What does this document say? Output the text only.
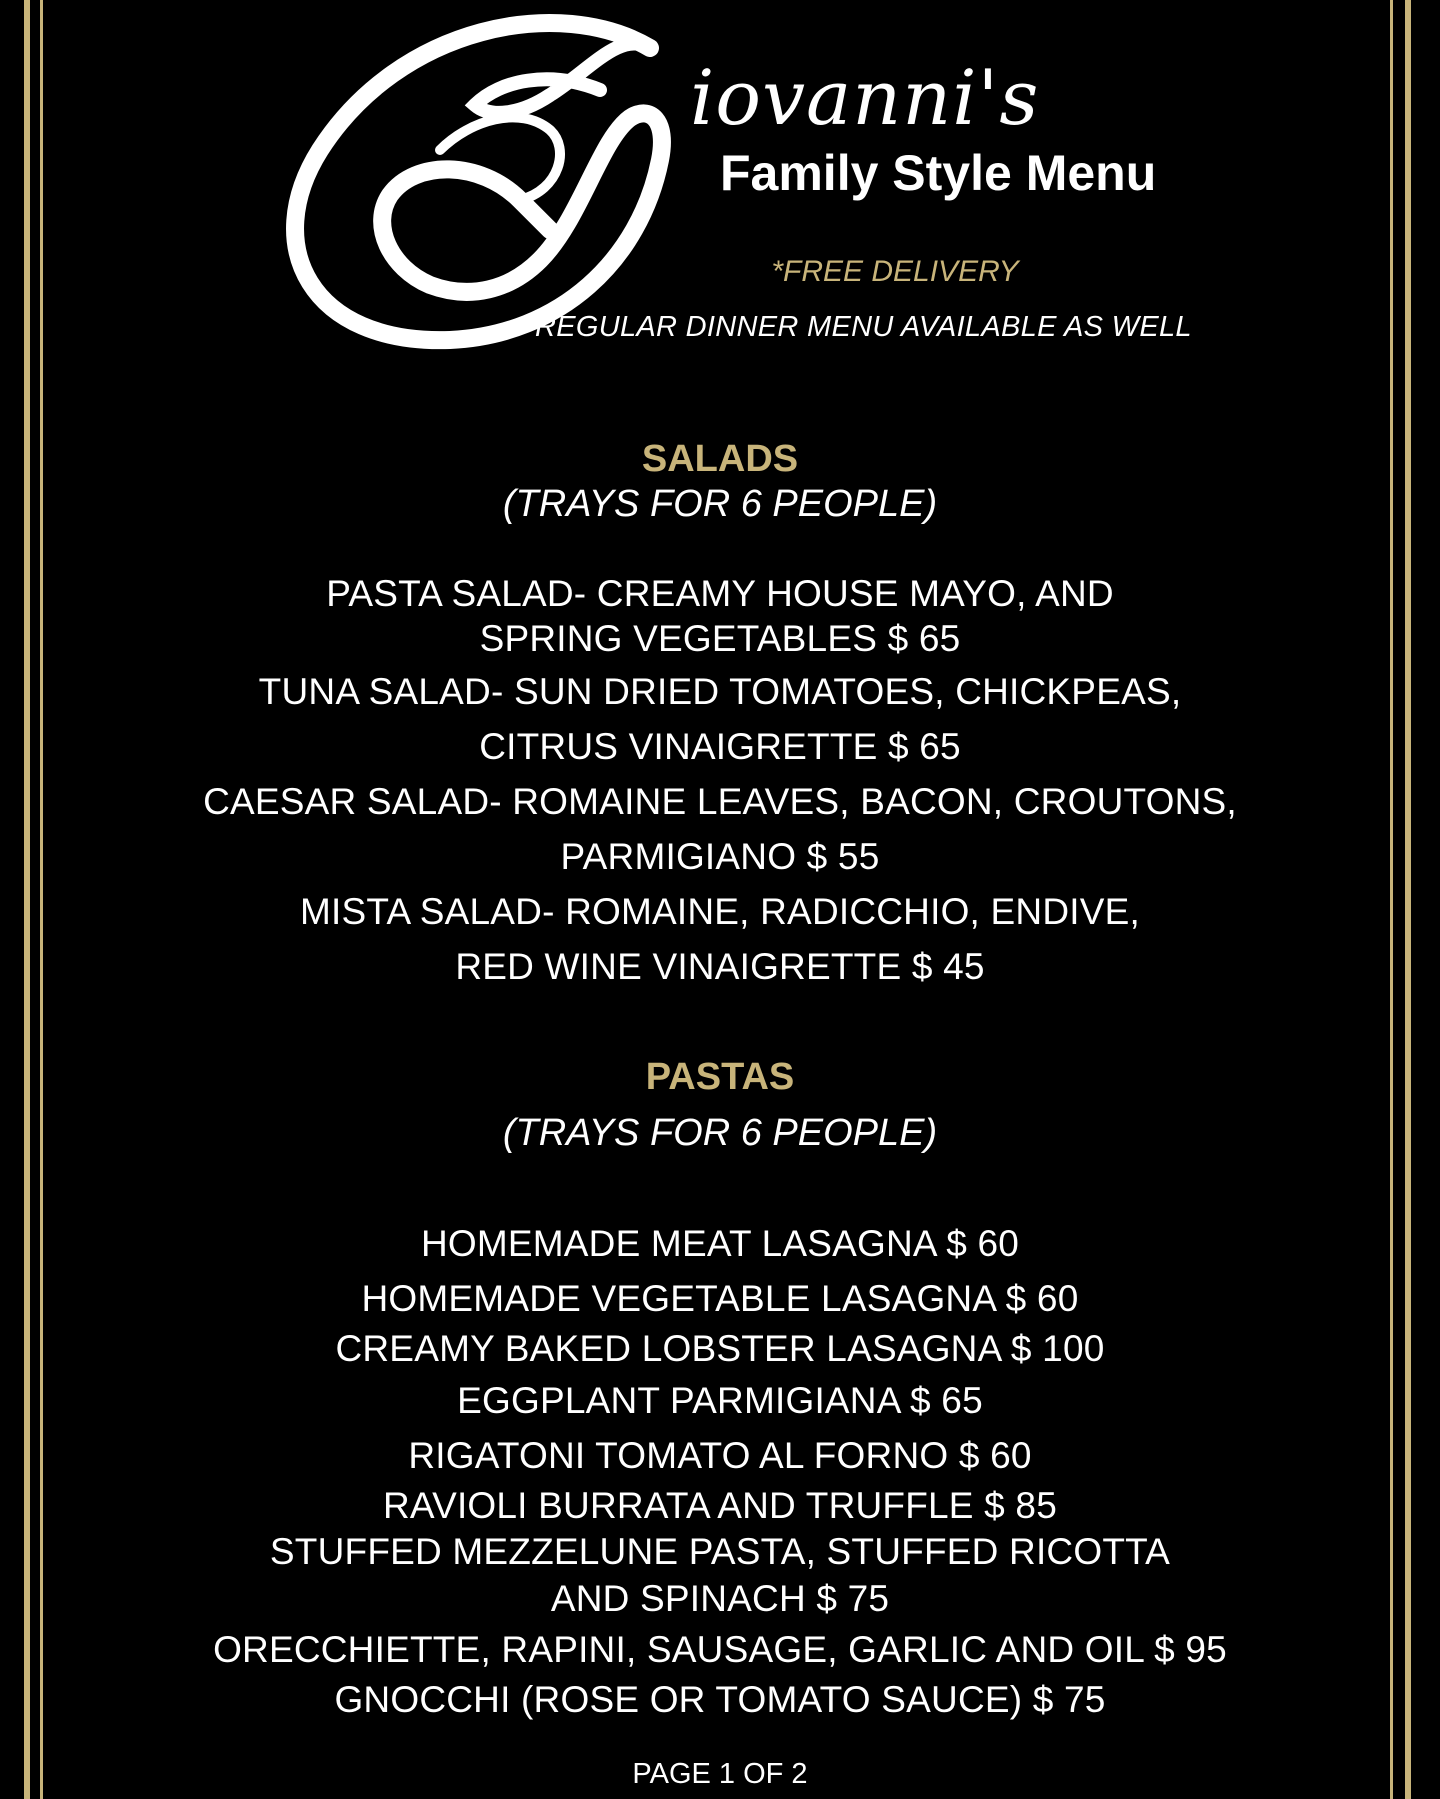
iovanni's
Family Style Menu
*FREE DELIVERY
REGULAR DINNER MENU AVAILABLE AS WELL
SALADS
(TRAYS FOR 6 PEOPLE)
PASTA SALAD- CREAMY HOUSE MAYO, AND
SPRING VEGETABLES $ 65
TUNA SALAD- SUN DRIED TOMATOES, CHICKPEAS,
CITRUS VINAIGRETTE $ 65
CAESAR SALAD- ROMAINE LEAVES, BACON, CROUTONS,
PARMIGIANO $ 55
MISTA SALAD- ROMAINE, RADICCHIO, ENDIVE,
RED WINE VINAIGRETTE $ 45
PASTAS
(TRAYS FOR 6 PEOPLE)
HOMEMADE MEAT LASAGNA $ 60
HOMEMADE VEGETABLE LASAGNA $ 60
CREAMY BAKED LOBSTER LASAGNA $ 100
EGGPLANT PARMIGIANA $ 65
RIGATONI TOMATO AL FORNO $ 60
RAVIOLI BURRATA AND TRUFFLE $ 85
STUFFED MEZZELUNE PASTA, STUFFED RICOTTA
AND SPINACH $ 75
ORECCHIETTE, RAPINI, SAUSAGE, GARLIC AND OIL $ 95
GNOCCHI (ROSE OR TOMATO SAUCE) $ 75
PAGE 1 OF 2
